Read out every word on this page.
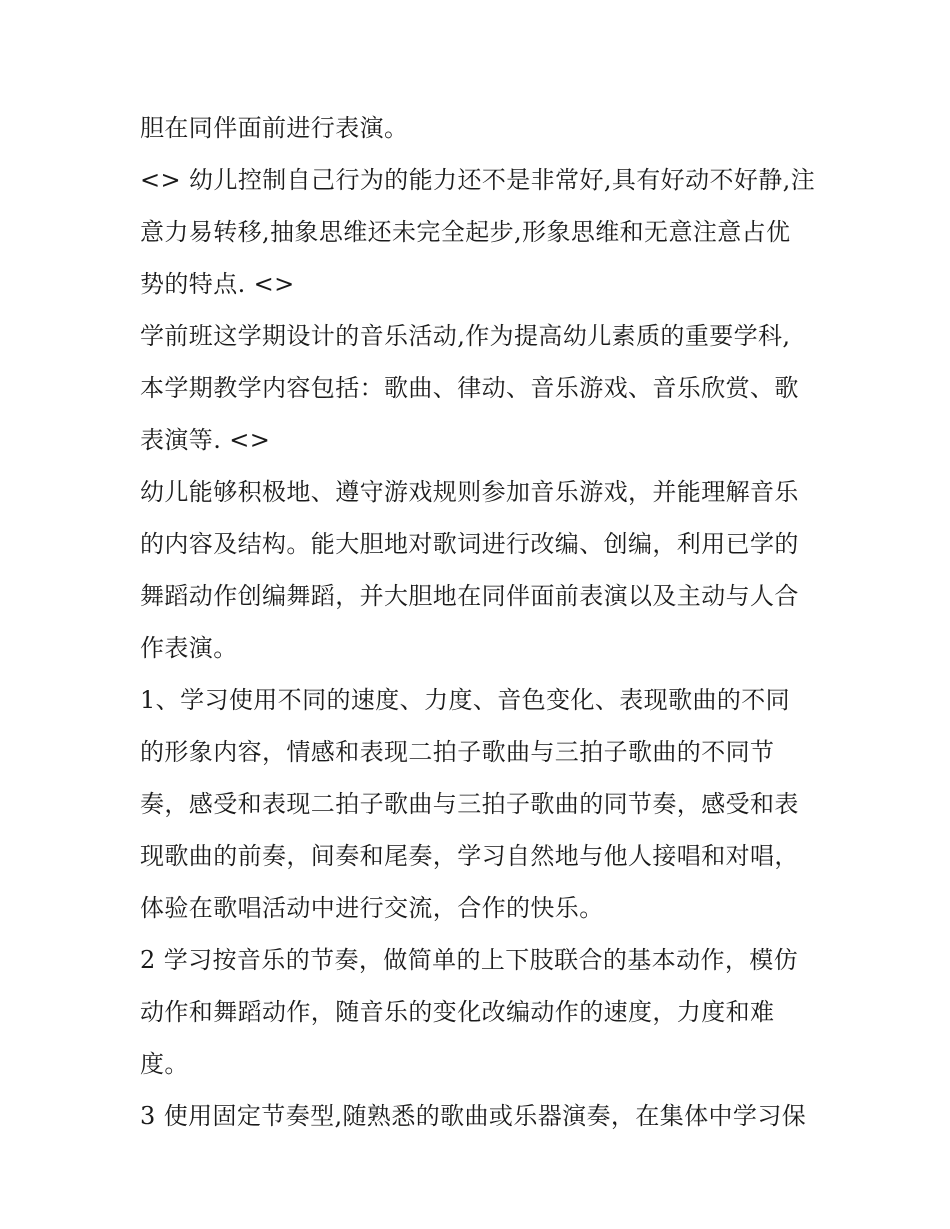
胆在同伴面前进行表演。
<> 幼儿控制自己行为的能力还不是非常好,具有好动不好静,注
意力易转移,抽象思维还未完全起步,形象思维和无意注意占优
势的特点. <>
学前班这学期设计的音乐活动,作为提高幼儿素质的重要学科,
本学期教学内容包括：歌曲、律动、音乐游戏、音乐欣赏、歌
表演等. <>
幼儿能够积极地、遵守游戏规则参加音乐游戏，并能理解音乐
的内容及结构。能大胆地对歌词进行改编、创编，利用已学的
舞蹈动作创编舞蹈，并大胆地在同伴面前表演以及主动与人合
作表演。
1、学习使用不同的速度、力度、音色变化、表现歌曲的不同
的形象内容，情感和表现二拍子歌曲与三拍子歌曲的不同节
奏，感受和表现二拍子歌曲与三拍子歌曲的同节奏，感受和表
现歌曲的前奏，间奏和尾奏，学习自然地与他人接唱和对唱，
体验在歌唱活动中进行交流，合作的快乐。
2 学习按音乐的节奏，做简单的上下肢联合的基本动作，模仿
动作和舞蹈动作，随音乐的变化改编动作的速度，力度和难
度。
3 使用固定节奏型,随熟悉的歌曲或乐器演奏，在集体中学习保
